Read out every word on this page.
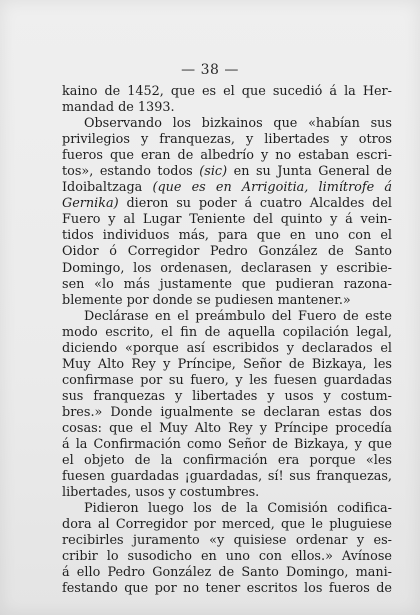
— 38 —
kaino de 1452, que es el que sucedió á la Her-
mandad de 1393.
Observando los bizkainos que «habían sus
privilegios y franquezas, y libertades y otros
fueros que eran de albedrío y no estaban escri-
tos», estando todos (sic) en su Junta General de
Idoibaltzaga (que es en Arrigoitia, limítrofe á
Gernika) dieron su poder á cuatro Alcaldes del
Fuero y al Lugar Teniente del quinto y á vein-
tidos individuos más, para que en uno con el
Oidor ó Corregidor Pedro González de Santo
Domingo, los ordenasen, declarasen y escribie-
sen «lo más justamente que pudieran razona-
blemente por donde se pudiesen mantener.»
Declárase en el preámbulo del Fuero de este
modo escrito, el fin de aquella copilación legal,
diciendo «porque así escribidos y declarados el
Muy Alto Rey y Príncipe, Señor de Bizkaya, les
confirmase por su fuero, y les fuesen guardadas
sus franquezas y libertades y usos y costum-
bres.» Donde igualmente se declaran estas dos
cosas: que el Muy Alto Rey y Príncipe procedía
á la Confirmación como Señor de Bizkaya, y que
el objeto de la confirmación era porque «les
fuesen guardadas ¡guardadas, sí! sus franquezas,
libertades, usos y costumbres.
Pidieron luego los de la Comisión codifica-
dora al Corregidor por merced, que le pluguiese
recibirles juramento «y quisiese ordenar y es-
cribir lo susodicho en uno con ellos.» Avínose
á ello Pedro González de Santo Domingo, mani-
festando que por no tener escritos los fueros de
